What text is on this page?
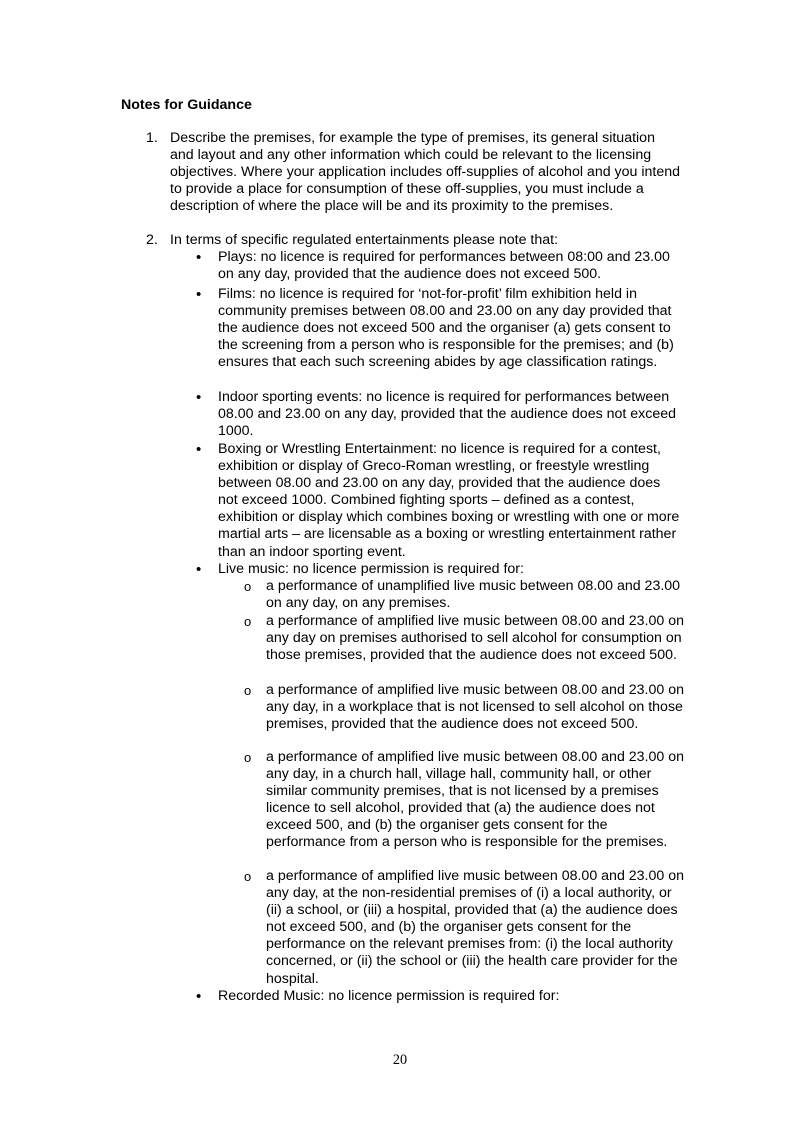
Notes for Guidance
1. Describe the premises, for example the type of premises, its general situation and layout and any other information which could be relevant to the licensing objectives. Where your application includes off-supplies of alcohol and you intend to provide a place for consumption of these off-supplies, you must include a description of where the place will be and its proximity to the premises.
2. In terms of specific regulated entertainments please note that:
• Plays: no licence is required for performances between 08:00 and 23.00 on any day, provided that the audience does not exceed 500.
• Films: no licence is required for ‘not-for-profit’ film exhibition held in community premises between 08.00 and 23.00 on any day provided that the audience does not exceed 500 and the organiser (a) gets consent to the screening from a person who is responsible for the premises; and (b) ensures that each such screening abides by age classification ratings.
• Indoor sporting events: no licence is required for performances between 08.00 and 23.00 on any day, provided that the audience does not exceed 1000.
• Boxing or Wrestling Entertainment: no licence is required for a contest, exhibition or display of Greco-Roman wrestling, or freestyle wrestling between 08.00 and 23.00 on any day, provided that the audience does not exceed 1000. Combined fighting sports – defined as a contest, exhibition or display which combines boxing or wrestling with one or more martial arts – are licensable as a boxing or wrestling entertainment rather than an indoor sporting event.
• Live music: no licence permission is required for:
o a performance of unamplified live music between 08.00 and 23.00 on any day, on any premises.
o a performance of amplified live music between 08.00 and 23.00 on any day on premises authorised to sell alcohol for consumption on those premises, provided that the audience does not exceed 500.
o a performance of amplified live music between 08.00 and 23.00 on any day, in a workplace that is not licensed to sell alcohol on those premises, provided that the audience does not exceed 500.
o a performance of amplified live music between 08.00 and 23.00 on any day, in a church hall, village hall, community hall, or other similar community premises, that is not licensed by a premises licence to sell alcohol, provided that (a) the audience does not exceed 500, and (b) the organiser gets consent for the performance from a person who is responsible for the premises.
o a performance of amplified live music between 08.00 and 23.00 on any day, at the non-residential premises of (i) a local authority, or (ii) a school, or (iii) a hospital, provided that (a) the audience does not exceed 500, and (b) the organiser gets consent for the performance on the relevant premises from: (i) the local authority concerned, or (ii) the school or (iii) the health care provider for the hospital.
• Recorded Music: no licence permission is required for:
20
